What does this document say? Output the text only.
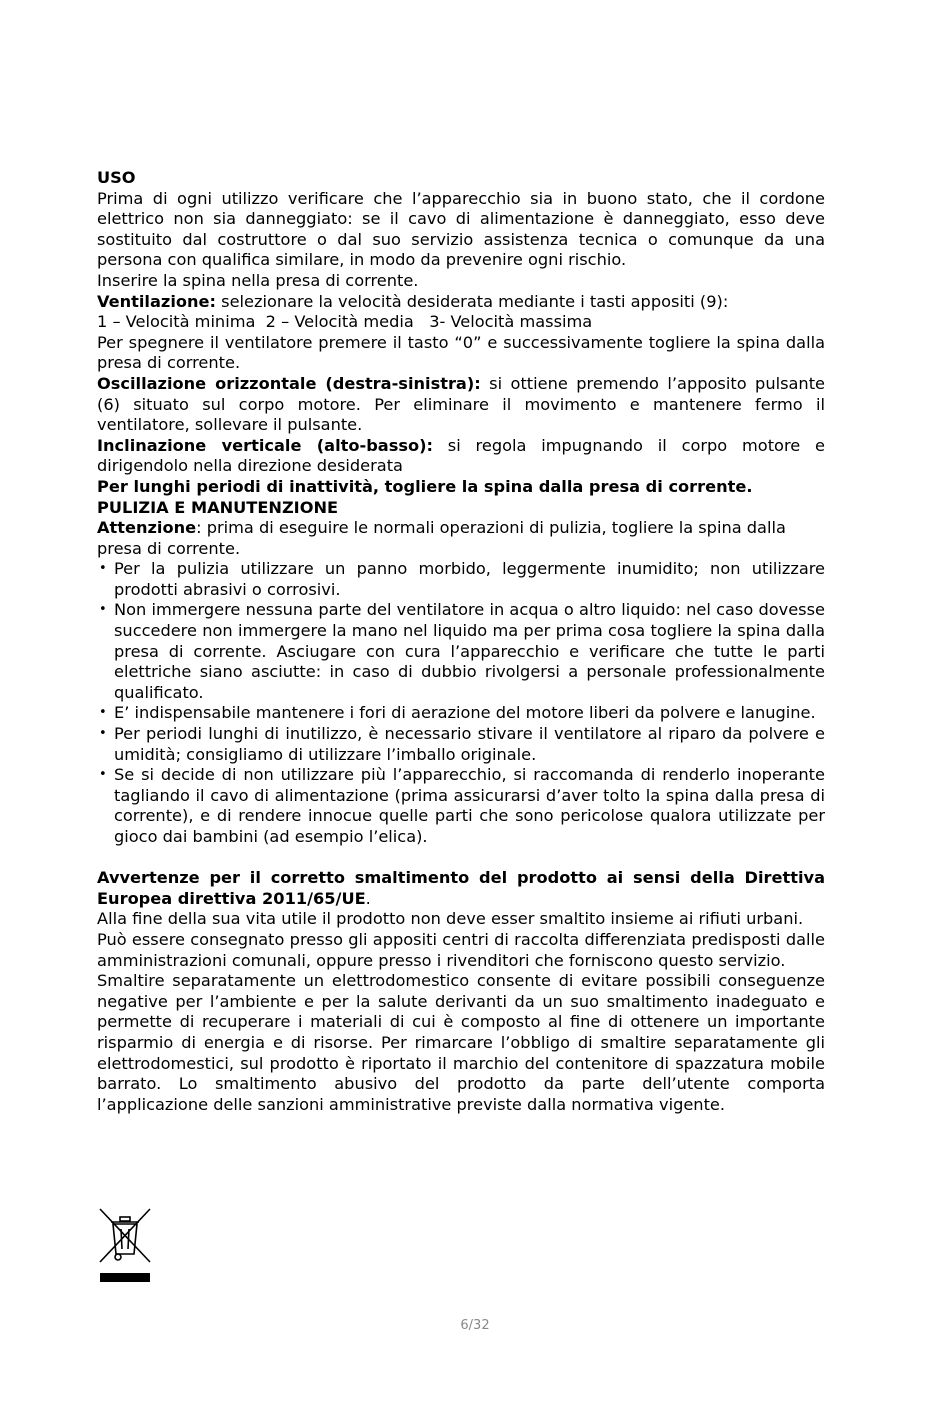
USO

Prima di ogni utilizzo verificare che l’apparecchio sia in buono stato, che il cordone elettrico non sia danneggiato: se il cavo di alimentazione è danneggiato, esso deve sostituito dal costruttore o dal suo servizio assistenza tecnica o comunque da una persona con qualifica similare, in modo da prevenire ogni rischio.

Inserire la spina nella presa di corrente.

Ventilazione: selezionare la velocità desiderata mediante i tasti appositi (9):

1 – Velocità minima  2 – Velocità media   3- Velocità massima

Per spegnere il ventilatore premere il tasto “0” e successivamente togliere la spina dalla presa di corrente.

Oscillazione orizzontale (destra-sinistra): si ottiene premendo l’apposito pulsante (6) situato sul corpo motore. Per eliminare il movimento e mantenere fermo il ventilatore, sollevare il pulsante.

Inclinazione verticale (alto-basso): si regola impugnando il corpo motore e dirigendolo nella direzione desiderata

Per lunghi periodi di inattività, togliere la spina dalla presa di corrente.

PULIZIA E MANUTENZIONE

Attenzione: prima di eseguire le normali operazioni di pulizia, togliere la spina dalla presa di corrente.

• Per la pulizia utilizzare un panno morbido, leggermente inumidito; non utilizzare prodotti abrasivi o corrosivi.
• Non immergere nessuna parte del ventilatore in acqua o altro liquido: nel caso dovesse succedere non immergere la mano nel liquido ma per prima cosa togliere la spina dalla presa di corrente. Asciugare con cura l’apparecchio e verificare che tutte le parti elettriche siano asciutte: in caso di dubbio rivolgersi a personale professionalmente qualificato.
• E’ indispensabile mantenere i fori di aerazione del motore liberi da polvere e lanugine.
• Per periodi lunghi di inutilizzo, è necessario stivare il ventilatore al riparo da polvere e umidità; consigliamo di utilizzare l’imballo originale.
• Se si decide di non utilizzare più l’apparecchio, si raccomanda di renderlo inoperante tagliando il cavo di alimentazione (prima assicurarsi d’aver tolto la spina dalla presa di corrente), e di rendere innocue quelle parti che sono pericolose qualora utilizzate per gioco dai bambini (ad esempio l’elica).

Avvertenze per il corretto smaltimento del prodotto ai sensi della Direttiva Europea direttiva 2011/65/UE.

Alla fine della sua vita utile il prodotto non deve esser smaltito insieme ai rifiuti urbani.

Può essere consegnato presso gli appositi centri di raccolta differenziata predisposti dalle amministrazioni comunali, oppure presso i rivenditori che forniscono questo servizio.

Smaltire separatamente un elettrodomestico consente di evitare possibili conseguenze negative per l’ambiente e per la salute derivanti da un suo smaltimento inadeguato e permette di recuperare i materiali di cui è composto al fine di ottenere un importante risparmio di energia e di risorse. Per rimarcare l’obbligo di smaltire separatamente gli elettrodomestici, sul prodotto è riportato il marchio del contenitore di spazzatura mobile barrato. Lo smaltimento abusivo del prodotto da parte dell’utente comporta l’applicazione delle sanzioni amministrative previste dalla normativa vigente.

6/32
